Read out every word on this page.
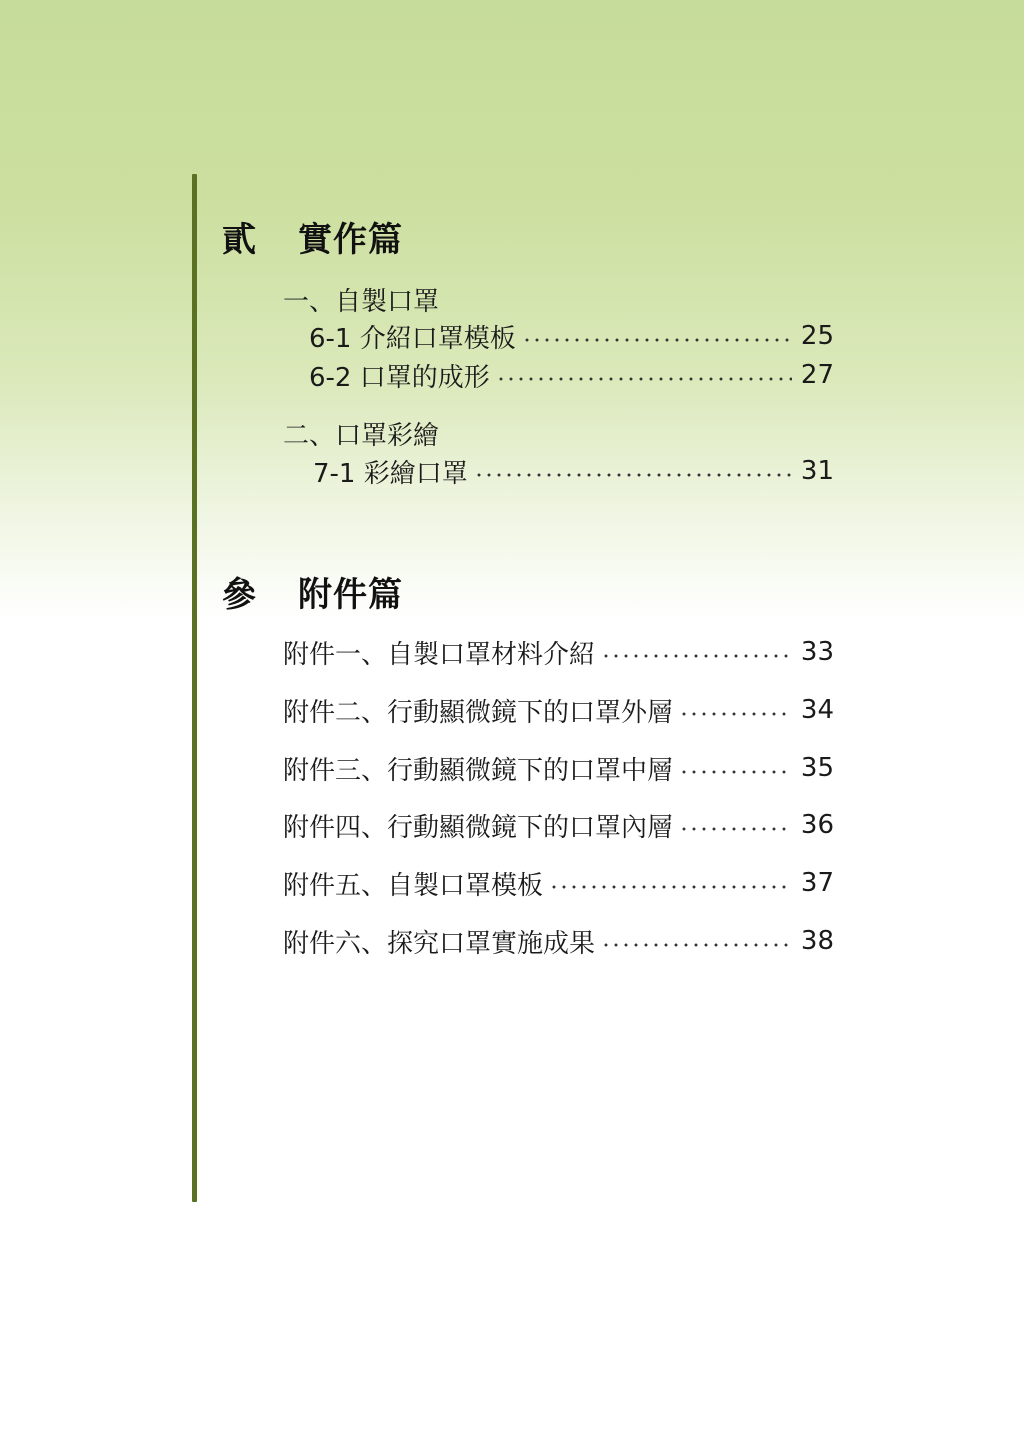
貳 實作篇
一、自製口罩
6-1 介紹口罩模板	25
6-2 口罩的成形	27
二、口罩彩繪
7-1 彩繪口罩	31
參 附件篇
附件一、自製口罩材料介紹	33
附件二、行動顯微鏡下的口罩外層	34
附件三、行動顯微鏡下的口罩中層	35
附件四、行動顯微鏡下的口罩內層	36
附件五、自製口罩模板	37
附件六、探究口罩實施成果	38
